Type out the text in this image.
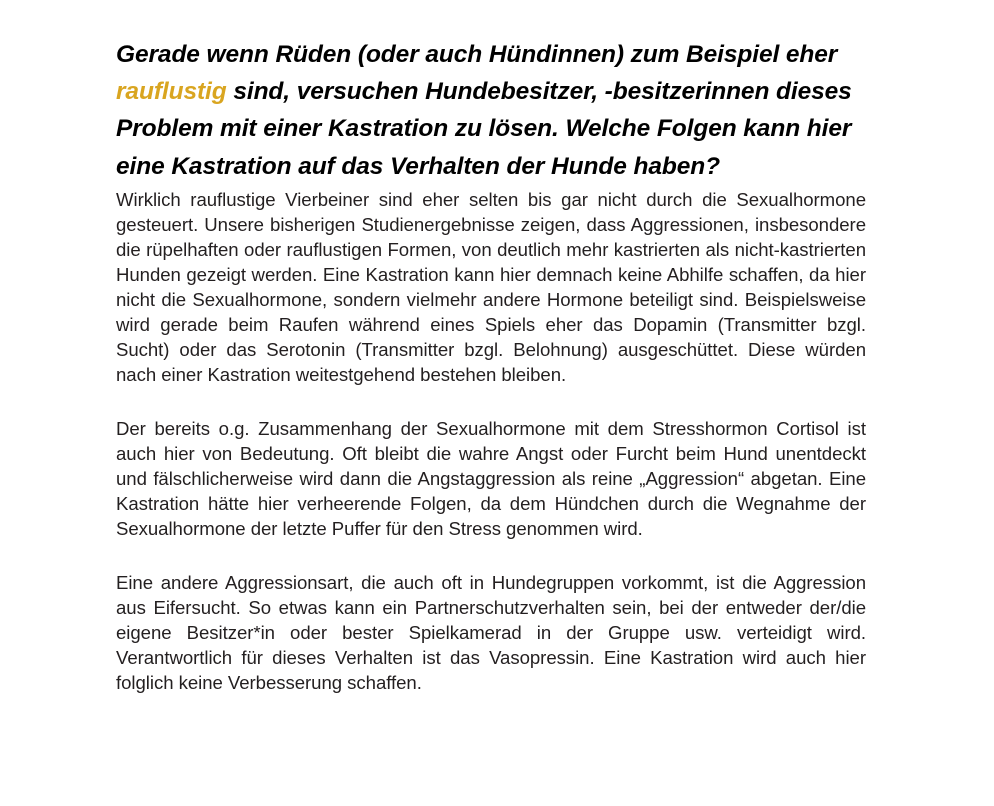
Gerade wenn Rüden (oder auch Hündinnen) zum Beispiel eher rauflustig sind, versuchen Hundebesitzer, -besitzerinnen dieses Problem mit einer Kastration zu lösen. Welche Folgen kann hier eine Kastration auf das Verhalten der Hunde haben?

Wirklich rauflustige Vierbeiner sind eher selten bis gar nicht durch die Sexualhormone gesteuert. Unsere bisherigen Studienergebnisse zeigen, dass Aggressionen, insbesondere die rüpelhaften oder rauflustigen Formen, von deutlich mehr kastrierten als nicht-kastrierten Hunden gezeigt werden. Eine Kastration kann hier demnach keine Abhilfe schaffen, da hier nicht die Sexualhormone, sondern vielmehr andere Hormone beteiligt sind. Beispielsweise wird gerade beim Raufen während eines Spiels eher das Dopamin (Transmitter bzgl. Sucht) oder das Serotonin (Transmitter bzgl. Belohnung) ausgeschüttet. Diese würden nach einer Kastration weitestgehend bestehen bleiben.

Der bereits o.g. Zusammenhang der Sexualhormone mit dem Stresshormon Cortisol ist auch hier von Bedeutung. Oft bleibt die wahre Angst oder Furcht beim Hund unentdeckt und fälschlicherweise wird dann die Angstaggression als reine „Aggression“ abgetan. Eine Kastration hätte hier verheerende Folgen, da dem Hündchen durch die Wegnahme der Sexualhormone der letzte Puffer für den Stress genommen wird.

Eine andere Aggressionsart, die auch oft in Hundegruppen vorkommt, ist die Aggression aus Eifersucht. So etwas kann ein Partnerschutzverhalten sein, bei der entweder der/die eigene Besitzer*in oder bester Spielkamerad in der Gruppe usw. verteidigt wird. Verantwortlich für dieses Verhalten ist das Vasopressin. Eine Kastration wird auch hier folglich keine Verbesserung schaffen.
